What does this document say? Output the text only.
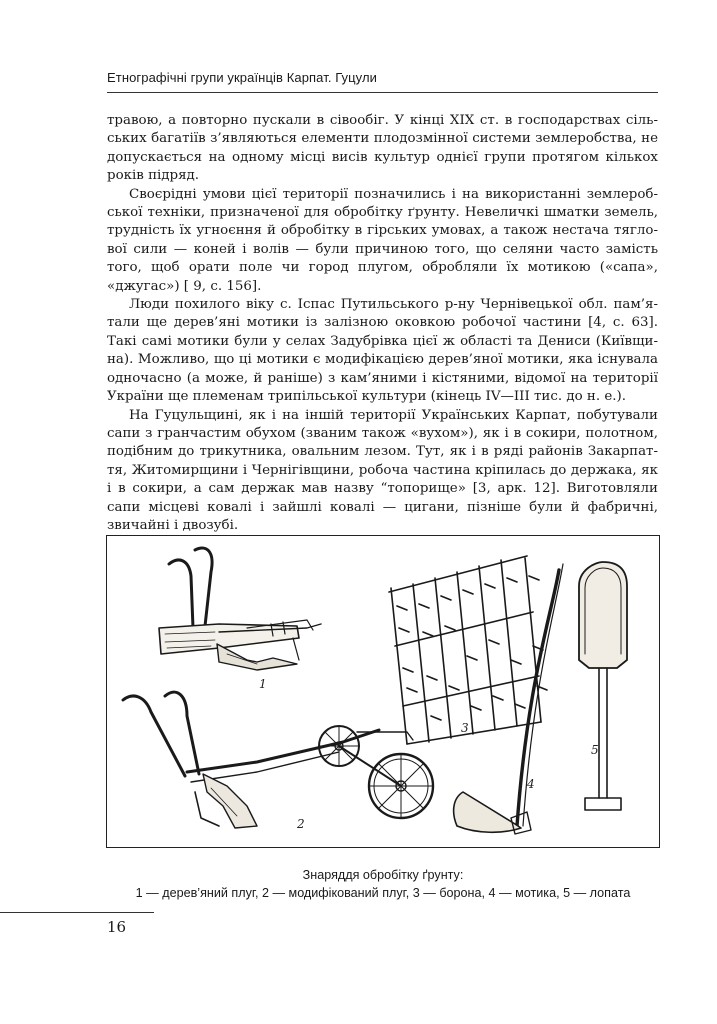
Етнографічні групи українців Карпат. Гуцули

травою, а повторно пускали в сівообіг. У кінці XIX ст. в господарствах сільських багатіїв з’являються елементи плодозмінної системи землеробства, не допускається на одному місці висів культур однієї групи протягом кількох років підряд.

Своєрідні умови цієї території позначились і на використанні землеробської техніки, призначеної для обробітку ґрунту. Невеличкі шматки земель, трудність їх угноєння й обробітку в гірських умовах, а також нестача тяглової сили — коней і волів — були причиною того, що селяни часто замість того, щоб орати поле чи город плугом, обробляли їх мотикою («сапа», «джугас») [ 9, с. 156].

Люди похилого віку с. Іспас Путильського р-ну Чернівецької обл. пам’ятали ще дерев’яні мотики із залізною оковкою робочої частини [4, с. 63]. Такі самі мотики були у селах Задубрівка цієї ж області та Дениси (Київщина). Можливо, що ці мотики є модифікацією дерев’яної мотики, яка існувала одночасно (а може, й раніше) з кам’яними і кістяними, відомої на території України ще племенам трипільської культури (кінець IV—III тис. до н. е.).

На Гуцульщині, як і на іншій території Українських Карпат, побутували сапи з гранчастим обухом (званим також «вухом»), як і в сокири, полотном, подібним до трикутника, овальним лезом. Тут, як і в ряді районів Закарпаття, Житомирщини і Чернігівщини, робоча частина кріпилась до держака, як і в сокири, а сам держак мав назву “топорище» [3, арк. 12]. Виготовляли сапи місцеві ковалі і зайшлі ковалі — цигани, пізніше були й фабричні, звичайні і двозубі.

1
2
3
4
5
Знаряддя обробітку ґрунту:
1 — дерев’яний плуг, 2 — модифікований плуг, 3 — борона, 4 — мотика, 5 — лопата
16
